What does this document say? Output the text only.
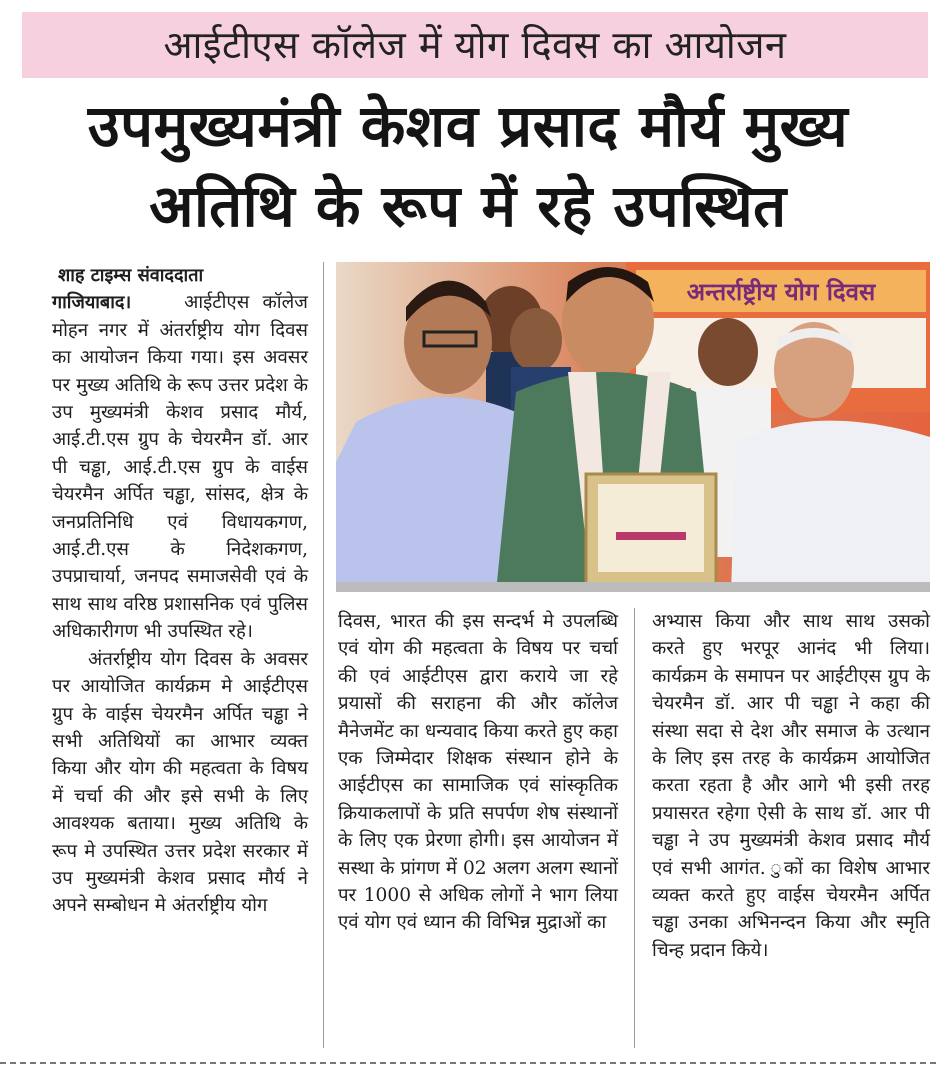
आईटीएस कॉलेज में योग दिवस का आयोजन
उपमुख्यमंत्री केशव प्रसाद मौर्य मुख्य
अतिथि के रूप में रहे उपस्थित

शाह टाइम्स संवाददाता

गाजियाबाद।	आईटीएस कॉलेज मोहन नगर में अंतर्राष्ट्रीय योग दिवस का आयोजन किया गया। इस अवसर पर मुख्य अतिथि के रूप उत्तर प्रदेश के उप मुख्यमंत्री केशव प्रसाद मौर्य, आई.टी.एस ग्रुप के चेयरमैन डॉ. आर पी चड्ढा, आई.टी.एस ग्रुप के वाईस चेयरमैन अर्पित चड्ढा, सांसद, क्षेत्र के जनप्रतिनिधि एवं विधायकगण, आई.टी.एस के निदेशकगण, उपप्राचार्या, जनपद समाजसेवी एवं के साथ साथ वरिष्ठ प्रशासनिक एवं पुलिस अधिकारीगण भी उपस्थित रहे।

अंतर्राष्ट्रीय योग दिवस के अवसर पर आयोजित कार्यक्रम मे आईटीएस ग्रुप के वाईस चेयरमैन अर्पित चड्ढा ने सभी अतिथियों का आभार व्यक्त किया और योग की महत्वता के विषय में चर्चा की और इसे सभी के लिए आवश्यक बताया। मुख्य अतिथि के रूप मे उपस्थित उत्तर प्रदेश सरकार में उप मुख्यमंत्री केशव प्रसाद मौर्य ने अपने सम्बोधन मे अंतर्राष्ट्रीय योग

अन्तर्राष्ट्रीय योग दिवस

दिवस, भारत की इस सन्दर्भ मे उपलब्धि एवं योग की महत्वता के विषय पर चर्चा की एवं आईटीएस द्वारा कराये जा रहे प्रयासों की सराहना की और कॉलेज मैनेजमेंट का धन्यवाद किया करते हुए कहा एक जिम्मेदार शिक्षक संस्थान होने के आईटीएस का सामाजिक एवं सांस्कृतिक क्रियाकलापों के प्रति सपर्पण शेष संस्थानों के लिए एक प्रेरणा होगी। इस आयोजन में सस्था के प्रांगण में 02 अलग अलग स्थानों पर 1000 से अधिक लोगों ने भाग लिया एवं योग एवं ध्यान की विभिन्न मुद्राओं का

अभ्यास किया और साथ साथ उसको करते हुए भरपूर आनंद भी लिया। कार्यक्रम के समापन पर आईटीएस ग्रुप के चेयरमैन डॉ. आर पी चड्ढा ने कहा की संस्था सदा से देश और समाज के उत्थान के लिए इस तरह के कार्यक्रम आयोजित करता रहता है और आगे भी इसी तरह प्रयासरत रहेगा ऐसी के साथ डॉ. आर पी चड्ढा ने उप मुख्यमंत्री केशव प्रसाद मौर्य एवं सभी आगंत. ुकों का विशेष आभार व्यक्त करते हुए वाईस चेयरमैन अर्पित चड्ढा उनका अभिनन्दन किया और स्मृति चिन्ह प्रदान किये।
